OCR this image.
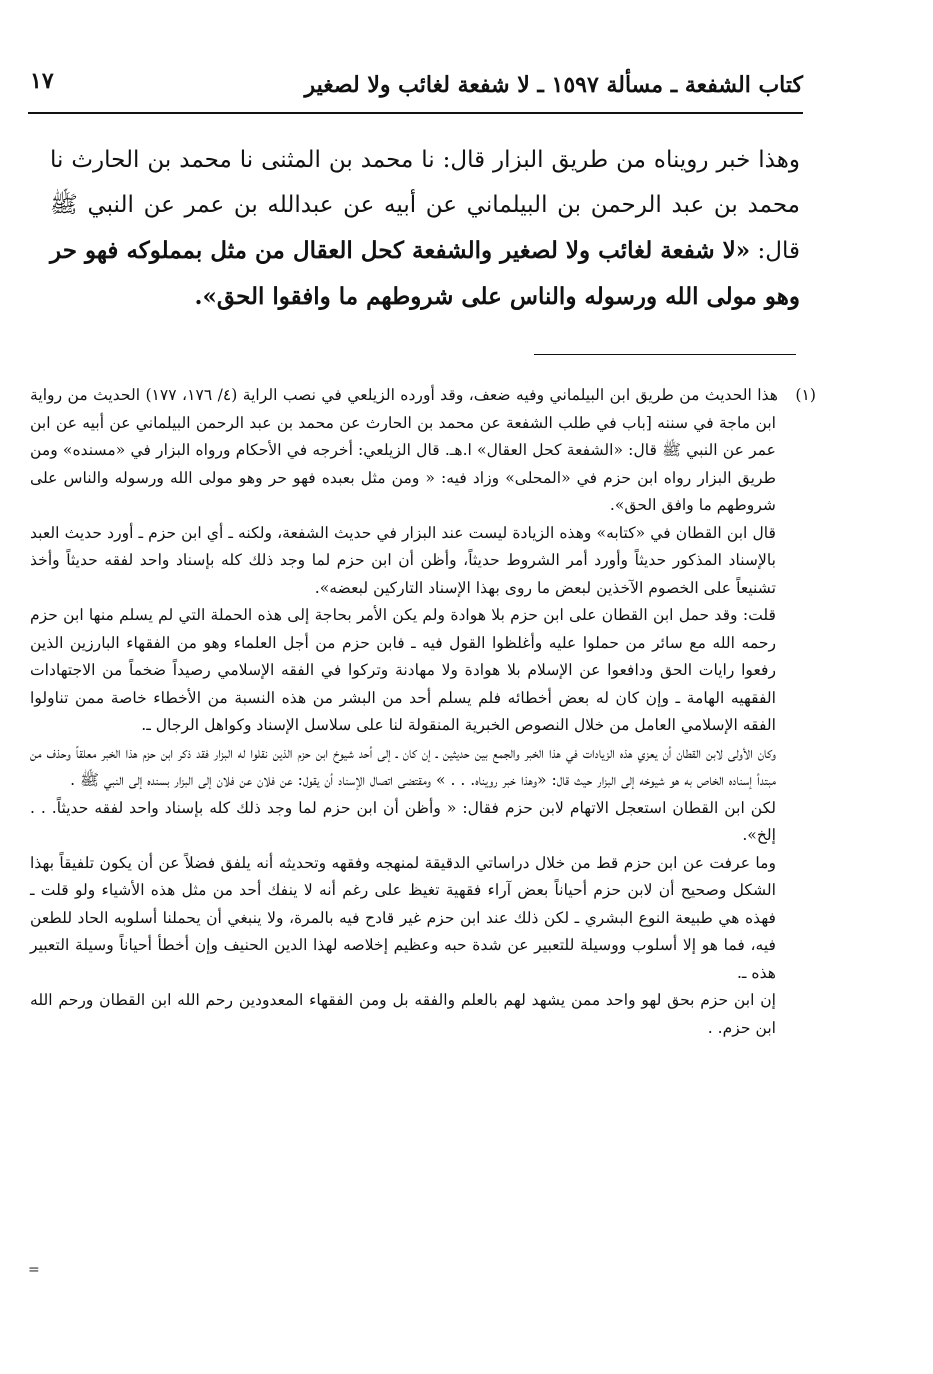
كتاب الشفعة ـ مسألة ١٥٩٧ ـ لا شفعة لغائب ولا لصغير
١٧

وهذا خبر رويناه من طريق البزار قال: نا محمد بن المثنى نا محمد بن الحارث نا محمد بن عبد الرحمن بن البيلماني عن أبيه عن عبدالله بن عمر عن النبي ﷺ قال: «لا شفعة لغائب ولا لصغير والشفعة كحل العقال من مثل بمملوكه فهو حر وهو مولى الله ورسوله والناس على شروطهم ما وافقوا الحق».

(١)هذا الحديث من طريق ابن البيلماني وفيه ضعف، وقد أورده الزيلعي في نصب الراية (٤/ ١٧٦، ١٧٧) الحديث من رواية ابن ماجة في سننه [باب في طلب الشفعة عن محمد بن الحارث عن محمد بن عبد الرحمن البيلماني عن أبيه عن ابن عمر عن النبي ﷺ قال: «الشفعة كحل العقال» ا.هـ. قال الزيلعي: أخرجه في الأحكام ورواه البزار في «مسنده» ومن طريق البزار رواه ابن حزم في «المحلى» وزاد فيه: « ومن مثل بعبده فهو حر وهو مولى الله ورسوله والناس على شروطهم ما وافق الحق».

قال ابن القطان في «كتابه» وهذه الزيادة ليست عند البزار في حديث الشفعة، ولكنه ـ أي ابن حزم ـ أورد حديث العبد بالإسناد المذكور حديثاً وأورد أمر الشروط حديثاً، وأظن أن ابن حزم لما وجد ذلك كله بإسناد واحد لفقه حديثاً وأخذ تشنيعاً على الخصوم الآخذين لبعض ما روى بهذا الإسناد التاركين لبعضه».

قلت: وقد حمل ابن القطان على ابن حزم بلا هوادة ولم يكن الأمر بحاجة إلى هذه الحملة التي لم يسلم منها ابن حزم رحمه الله مع سائر من حملوا عليه وأغلظوا القول فيه ـ فابن حزم من أجل العلماء وهو من الفقهاء البارزين الذين رفعوا رايات الحق ودافعوا عن الإسلام بلا هوادة ولا مهادنة وتركوا في الفقه الإسلامي رصيداً ضخماً من الاجتهادات الفقهيه الهامة ـ وإن كان له بعض أخطائه فلم يسلم أحد من البشر من هذه النسبة من الأخطاء خاصة ممن تناولوا الفقه الإسلامي العامل من خلال النصوص الخبرية المنقولة لنا على سلاسل الإسناد وكواهل الرجال ـ.

وكان الأولى لابن القطان أن يعزي هذه الزيادات في هذا الخبر والجمع بين حديثين ـ إن كان ـ إلى أحد شيوخ ابن حزم الذين نقلوا له البزار فقد ذكر ابن حزم هذا الخبر معلقاً وحذف من مبتدأ إسناده الخاص به هو شيوخه إلى البزار حيث قال: «وهذا خبر رويناه. . . » ومقتضى اتصال الإسناد أن يقول: عن فلان عن فلان إلى البزار بسنده إلى النبي ﷺ .

لكن ابن القطان استعجل الاتهام لابن حزم فقال: « وأظن أن ابن حزم لما وجد ذلك كله بإسناد واحد لفقه حديثاً. . . إلخ».

وما عرفت عن ابن حزم قط من خلال دراساتي الدقيقة لمنهجه وفقهه وتحديثه أنه يلفق فضلاً عن أن يكون تلفيقاً بهذا الشكل وصحيح أن لابن حزم أحياناً بعض آراء فقهية تغيظ على رغم أنه لا ينفك أحد من مثل هذه الأشياء ولو قلت ـ فهذه هي طبيعة النوع البشري ـ لكن ذلك عند ابن حزم غير قادح فيه بالمرة، ولا ينبغي أن يحملنا أسلوبه الحاد للطعن فيه، فما هو إلا أسلوب ووسيلة للتعبير عن شدة حبه وعظيم إخلاصه لهذا الدين الحنيف وإن أخطأ أحياناً وسيلة التعبير هذه ـ.

إن ابن حزم بحق لهو واحد ممن يشهد لهم بالعلم والفقه بل ومن الفقهاء المعدودين رحم الله ابن القطان ورحم الله ابن حزم. .

=
